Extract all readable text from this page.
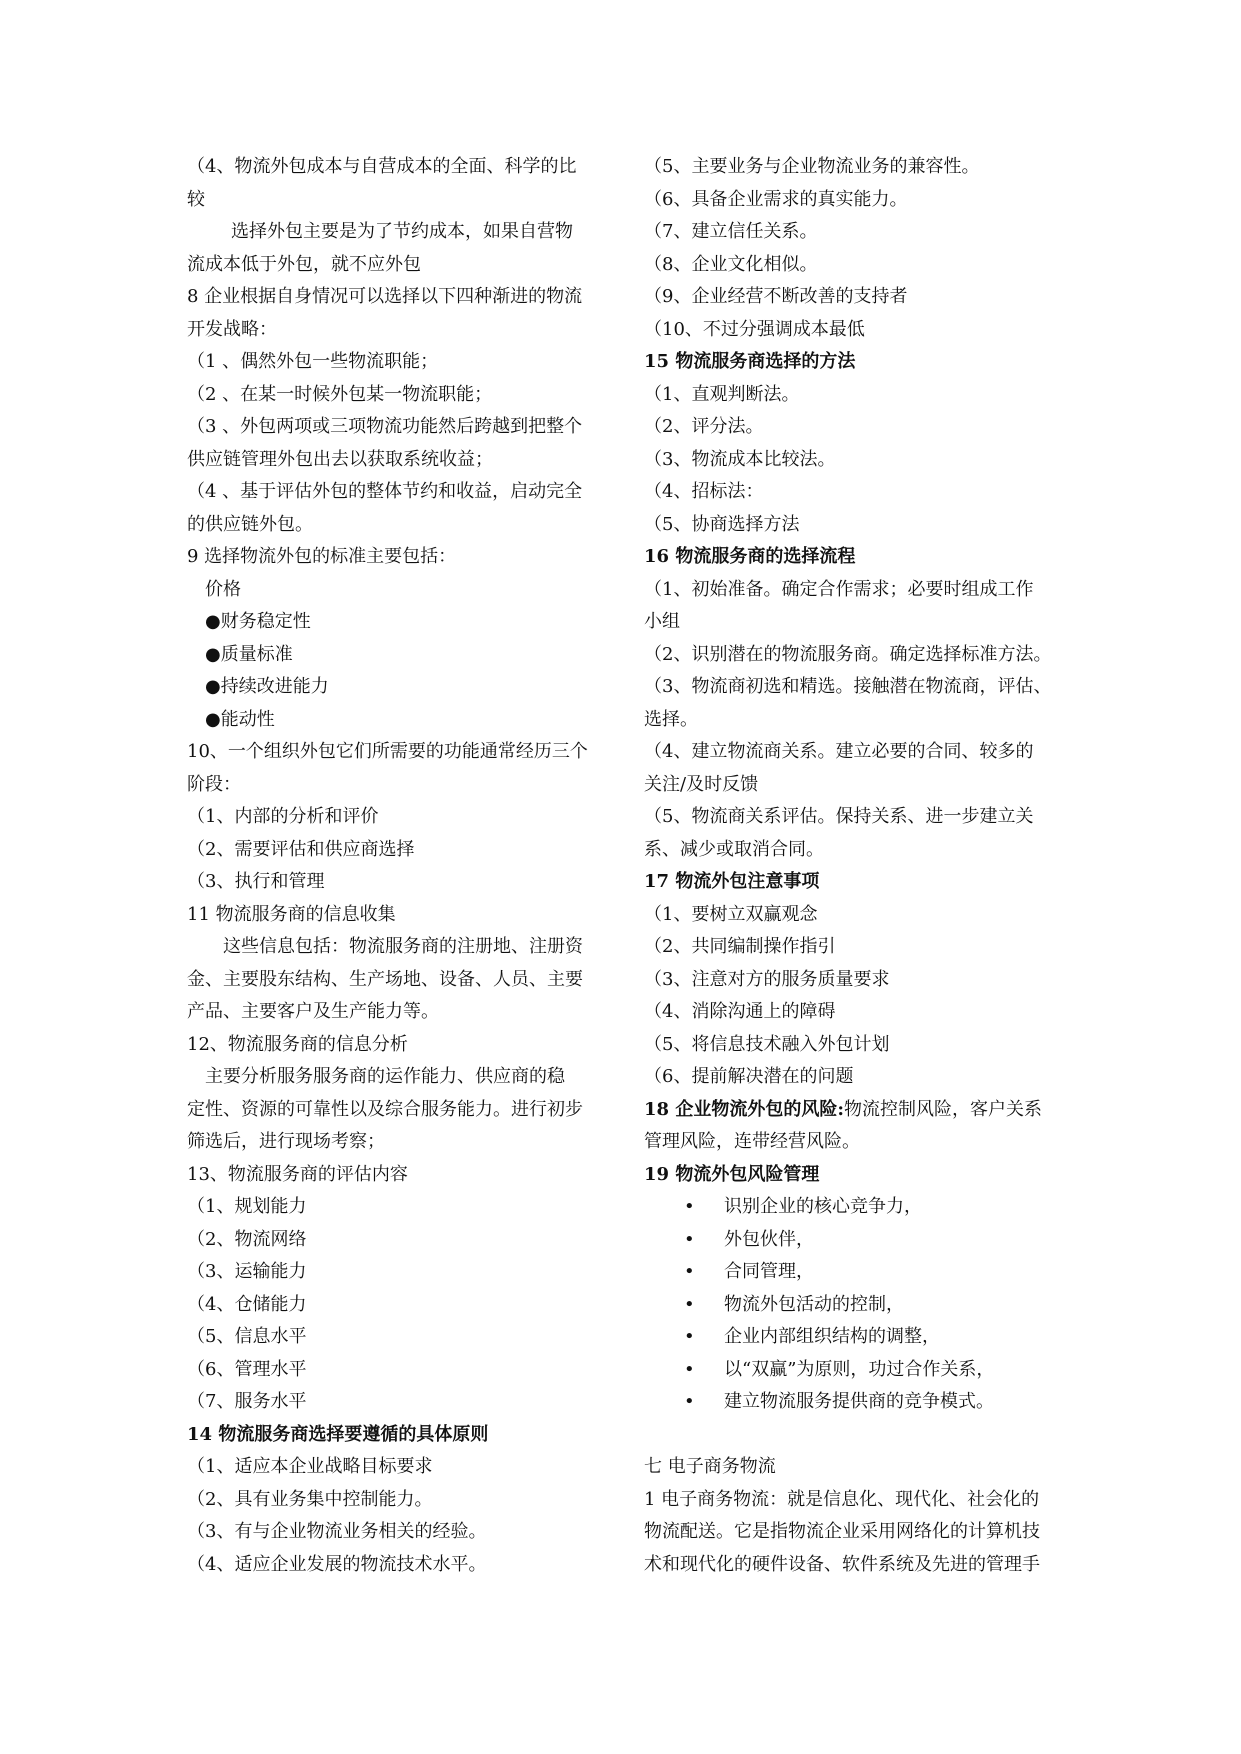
（4、物流外包成本与自营成本的全面、科学的比
较
选择外包主要是为了节约成本，如果自营物
流成本低于外包，就不应外包
8 企业根据自身情况可以选择以下四种渐进的物流
开发战略：
（1 、偶然外包一些物流职能；
（2 、在某一时候外包某一物流职能；
（3 、外包两项或三项物流功能然后跨越到把整个
供应链管理外包出去以获取系统收益；
（4 、基于评估外包的整体节约和收益，启动完全
的供应链外包。
9 选择物流外包的标准主要包括：
价格
●财务稳定性
●质量标准
●持续改进能力
●能动性
10、一个组织外包它们所需要的功能通常经历三个
阶段：
（1、内部的分析和评价
（2、需要评估和供应商选择
（3、执行和管理
11 物流服务商的信息收集
这些信息包括：物流服务商的注册地、注册资
金、主要股东结构、生产场地、设备、人员、主要
产品、主要客户及生产能力等。
12、物流服务商的信息分析
主要分析服务服务商的运作能力、供应商的稳
定性、资源的可靠性以及综合服务能力。进行初步
筛选后，进行现场考察；
13、物流服务商的评估内容
（1、规划能力
（2、物流网络
（3、运输能力
（4、仓储能力
（5、信息水平
（6、管理水平
（7、服务水平
14 物流服务商选择要遵循的具体原则
（1、适应本企业战略目标要求
（2、具有业务集中控制能力。
（3、有与企业物流业务相关的经验。
（4、适应企业发展的物流技术水平。
（5、主要业务与企业物流业务的兼容性。
（6、具备企业需求的真实能力。
（7、建立信任关系。
（8、企业文化相似。
（9、企业经营不断改善的支持者
（10、不过分强调成本最低
15 物流服务商选择的方法
（1、直观判断法。
（2、评分法。
（3、物流成本比较法。
（4、招标法：
（5、协商选择方法
16 物流服务商的选择流程
（1、初始准备。确定合作需求；必要时组成工作
小组
（2、识别潜在的物流服务商。确定选择标准方法。
（3、物流商初选和精选。接触潜在物流商，评估、
选择。
（4、建立物流商关系。建立必要的合同、较多的
关注/及时反馈
（5、物流商关系评估。保持关系、进一步建立关
系、减少或取消合同。
17 物流外包注意事项
（1、要树立双赢观念
（2、共同编制操作指引
（3、注意对方的服务质量要求
（4、消除沟通上的障碍
（5、将信息技术融入外包计划
（6、提前解决潜在的问题
18 企业物流外包的风险:物流控制风险，客户关系
管理风险，连带经营风险。
19 物流外包风险管理
• 识别企业的核心竞争力，
• 外包伙伴，
• 合同管理，
• 物流外包活动的控制，
• 企业内部组织结构的调整，
• 以“双赢”为原则，功过合作关系，
• 建立物流服务提供商的竞争模式。
七 电子商务物流
1 电子商务物流：就是信息化、现代化、社会化的
物流配送。它是指物流企业采用网络化的计算机技
术和现代化的硬件设备、软件系统及先进的管理手
